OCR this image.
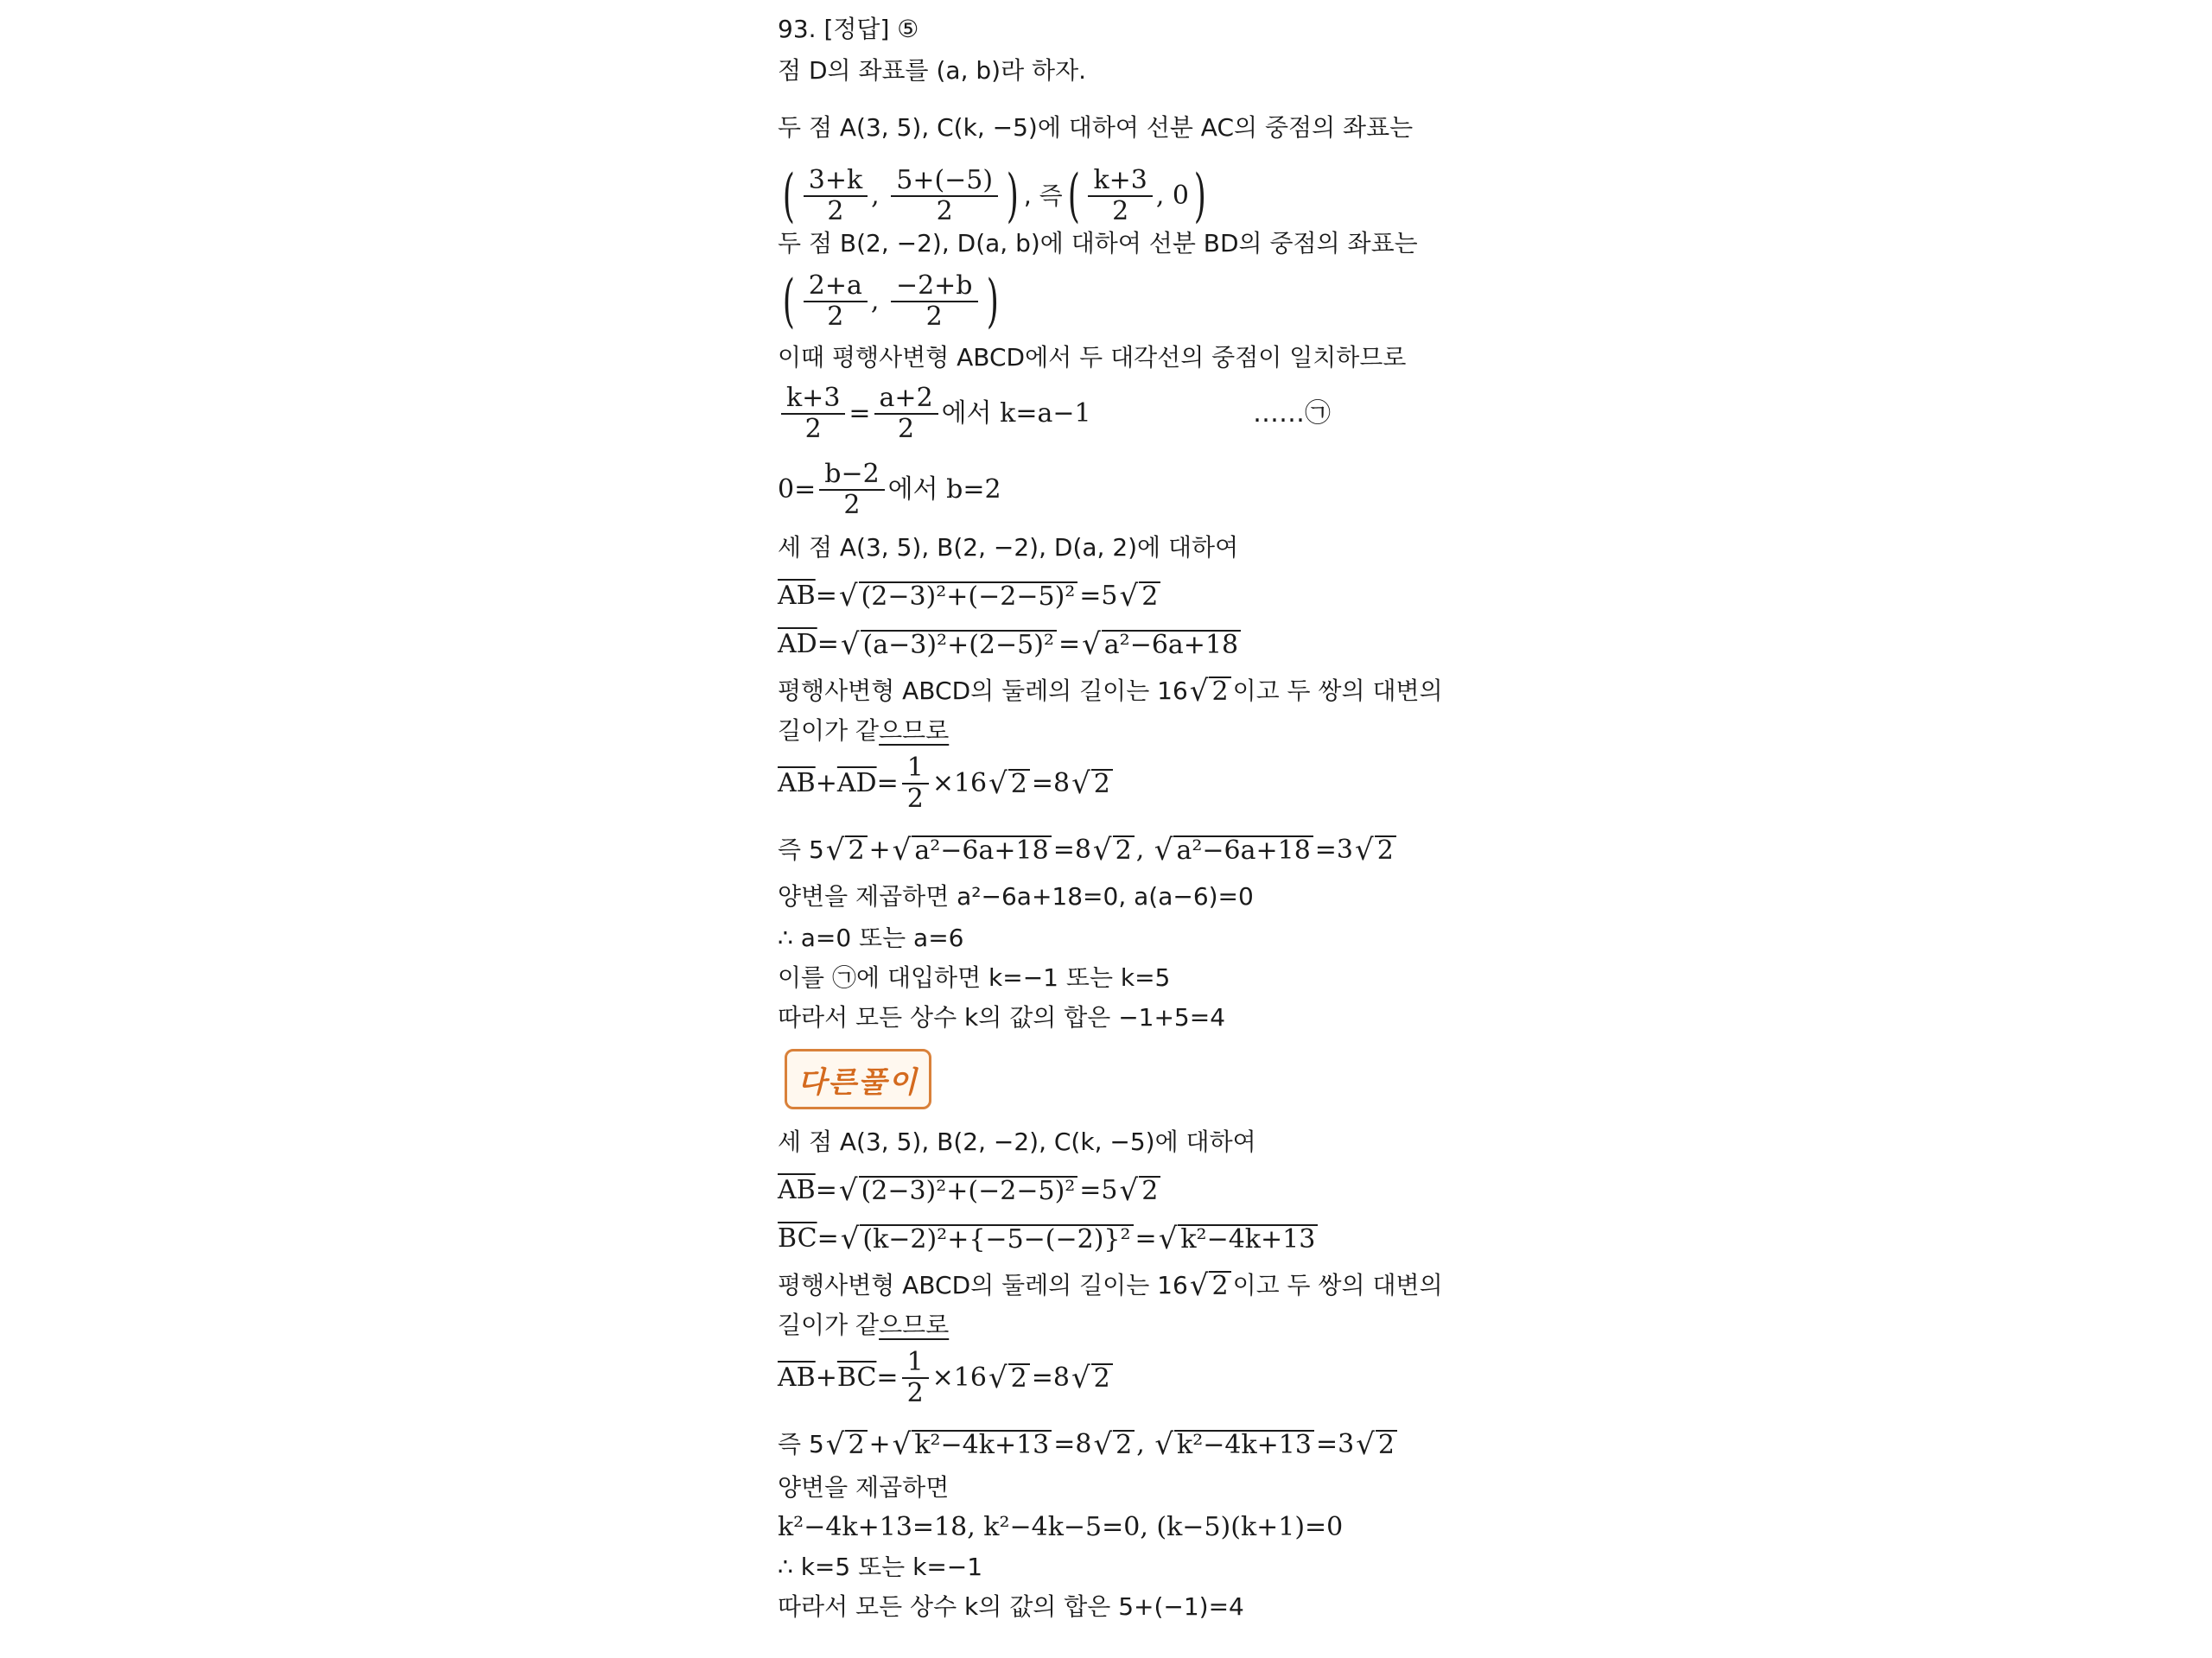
93.
[정답]
⑤
점 D의 좌표를 (a, b)라 하자.
두 점 A(3, 5), C(k, −5)에 대하여 선분 AC의 중점의 좌표는
( 3+k
2
,
5+(−5)
2 ) , 즉 ( k+3
2
, 0 )
두 점 B(2, −2), D(a, b)에 대하여 선분 BD의 중점의 좌표는
( 2+a
2
,
−2+b
2 )
이때 평행사변형 ABCD에서 두 대각선의 중점이 일치하므로
k+3
2
=
a+2
2
에서 k=a−1	……㉠
$0= \frac{b-2}{2}$ 에서 b=2
세 점 A(3, 5), B(2, −2), D(a, 2)에 대하여
$\overline{AB}$ = √ (2−3)²+(−2−5)² =5 √ 2
$\overline{AD}$ = √ (a−3)²+(2−5)² = √ a²−6a+18
평행사변형 ABCD의 둘레의 길이는 16 √ 2 이고 두 쌍의 대변의
길이가 같 으므로
$\overline{AB} + \overline{AD} = \frac{1}{2} \times 16$ √ 2 =8 √ 2
즉 5 √ 2 + √ a²−6a+18 =8 √ 2 ,
√ a²−6a+18 =3 √ 2
양변을 제곱하면 a²−6a+18=0, a(a−6)=0
∴ a=0 또는 a=6
이를 ㉠에 대입하면 k=−1 또는 k=5
따라서 모든 상수 k의 값의 합은 −1+5=4
다른풀이
세 점 A(3, 5), B(2, −2), C(k, −5)에 대하여
$\overline{AB}$ = √ (2−3)²+(−2−5)² =5 √ 2
$\overline{BC}$ = √ (k−2)²+{−5−(−2)}² = √ k²−4k+13
평행사변형 ABCD의 둘레의 길이는 16 √ 2 이고 두 쌍의 대변의
길이가 같 으므로
$\overline{AB} + \overline{BC} = \frac{1}{2} \times 16$ √ 2 =8 √ 2
즉 5 √ 2 + √ k²−4k+13 =8 √ 2 ,
√ k²−4k+13 =3 √ 2
양변을 제곱하면
k²−4k+13=18, k²−4k−5=0, (k−5)(k+1)=0
∴ k=5 또는 k=−1
따라서 모든 상수 k의 값의 합은 5+(−1)=4
